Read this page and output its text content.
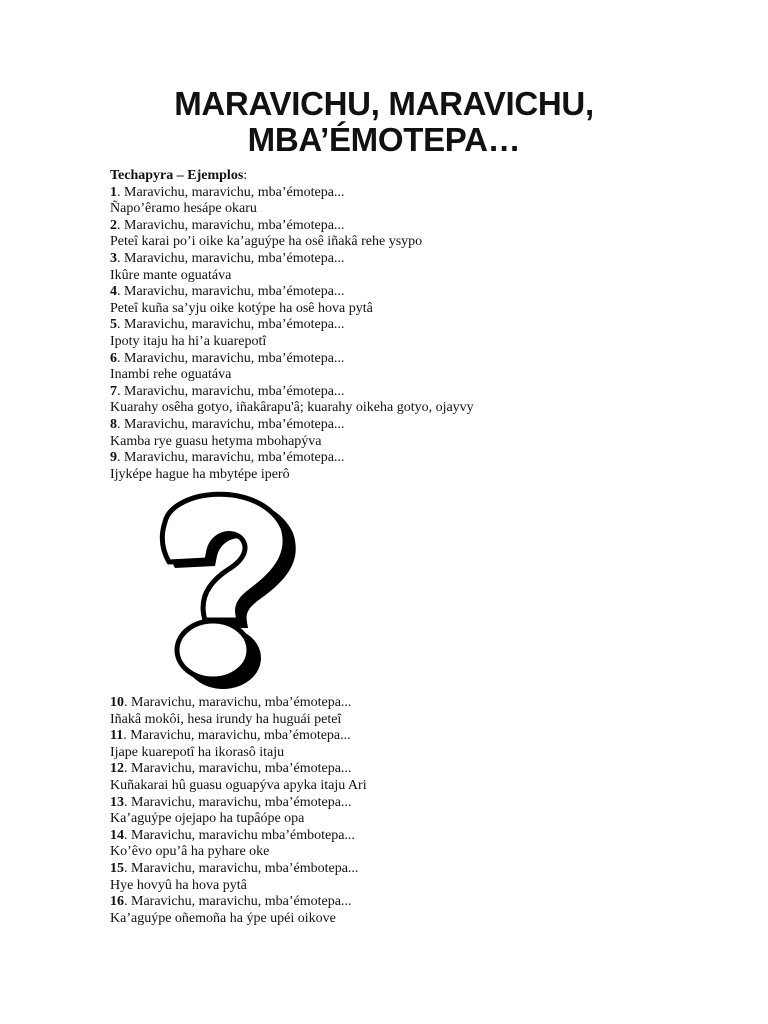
MARAVICHU, MARAVICHU,
MBA’ÉMOTEPA…
Techapyra – Ejemplos:
1. Maravichu, maravichu, mba’émotepa...
Ñapo’êramo hesápe okaru
2. Maravichu, maravichu, mba’émotepa...
Peteî karai po’i oike ka’aguýpe ha osê iñakâ rehe ysypo
3. Maravichu, maravichu, mba’émotepa...
Ikûre mante oguatáva
4. Maravichu, maravichu, mba’émotepa...
Peteî kuña sa’yju oike kotýpe ha osê hova pytâ
5. Maravichu, maravichu, mba’émotepa...
Ipoty itaju ha hi’a kuarepotî
6. Maravichu, maravichu, mba’émotepa...
Inambi rehe oguatáva
7. Maravichu, maravichu, mba’émotepa...
Kuarahy osêha gotyo, iñakârapu'â; kuarahy oikeha gotyo, ojayvy
8. Maravichu, maravichu, mba’émotepa...
Kamba rye guasu hetyma mbohapýva
9. Maravichu, maravichu, mba’émotepa...
Ijyképe hague ha mbytépe iperô
10. Maravichu, maravichu, mba’émotepa...
Iñakâ mokôi, hesa irundy ha huguái peteî
11. Maravichu, maravichu, mba’émotepa...
Ijape kuarepotî ha ikorasô itaju
12. Maravichu, maravichu, mba’émotepa...
Kuñakarai hû guasu oguapýva apyka itaju Ari
13. Maravichu, maravichu, mba’émotepa...
Ka’aguýpe ojejapo ha tupâópe opa
14. Maravichu, maravichu mba’émbotepa...
Ko’êvo opu’â ha pyhare oke
15. Maravichu, maravichu, mba’émbotepa...
Hye hovyû ha hova pytâ
16. Maravichu, maravichu, mba’émotepa...
Ka’aguýpe oñemoña ha ýpe upéi oikove
